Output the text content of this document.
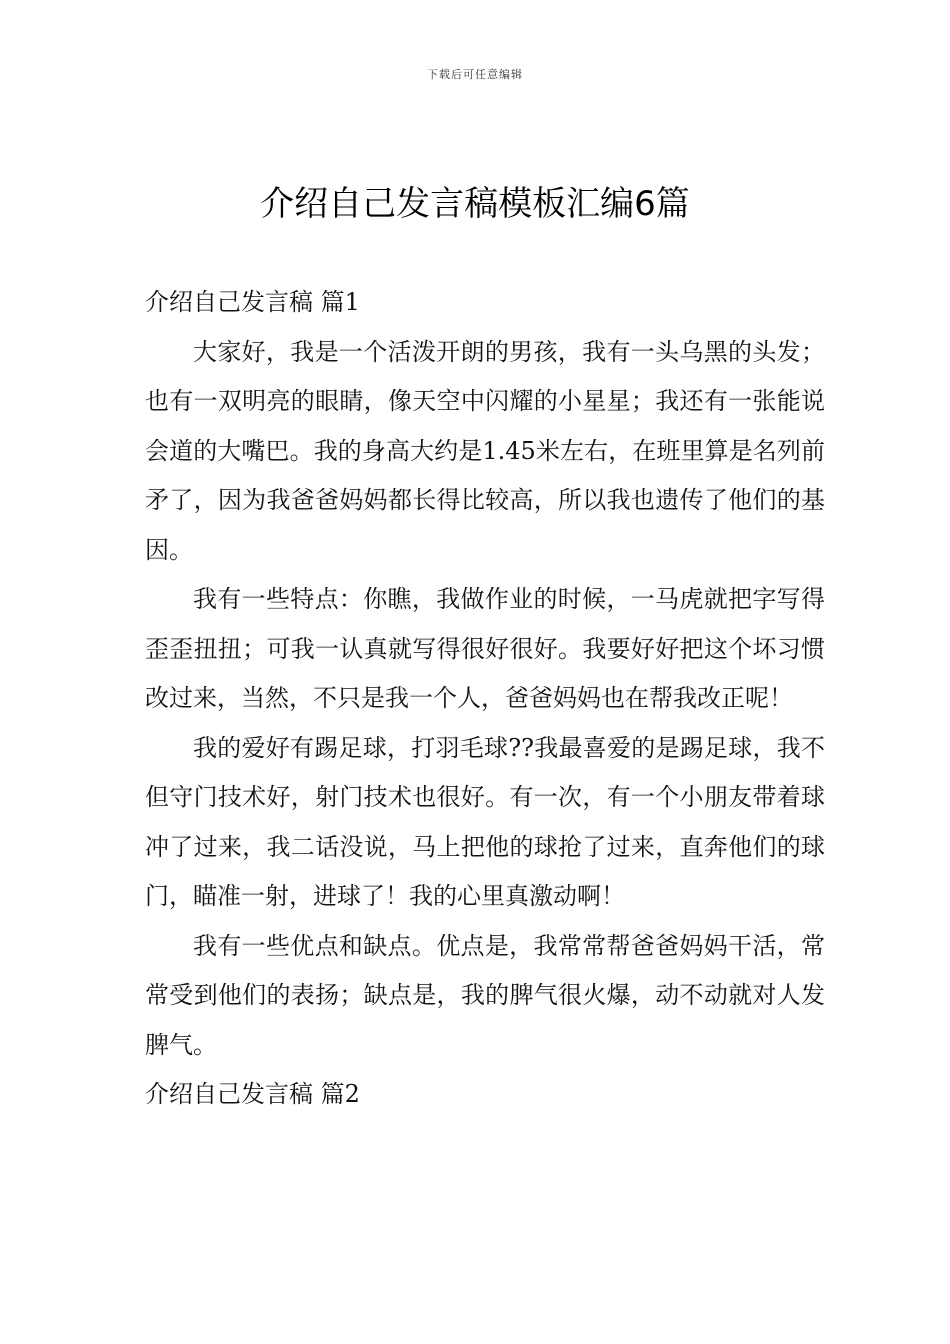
下载后可任意编辑
介绍自己发言稿模板汇编6篇
介绍自己发言稿 篇1

大家好，我是一个活泼开朗的男孩，我有一头乌黑的头发；也有一双明亮的眼睛，像天空中闪耀的小星星；我还有一张能说会道的大嘴巴。我的身高大约是1.45米左右，在班里算是名列前矛了，因为我爸爸妈妈都长得比较高，所以我也遗传了他们的基因。

我有一些特点：你瞧，我做作业的时候，一马虎就把字写得歪歪扭扭；可我一认真就写得很好很好。我要好好把这个坏习惯改过来，当然，不只是我一个人，爸爸妈妈也在帮我改正呢！

我的爱好有踢足球，打羽毛球??我最喜爱的是踢足球，我不但守门技术好，射门技术也很好。有一次，有一个小朋友带着球冲了过来，我二话没说，马上把他的球抢了过来，直奔他们的球门，瞄准一射，进球了！我的心里真激动啊！

我有一些优点和缺点。优点是，我常常帮爸爸妈妈干活，常常受到他们的表扬；缺点是，我的脾气很火爆，动不动就对人发脾气。

介绍自己发言稿 篇2
